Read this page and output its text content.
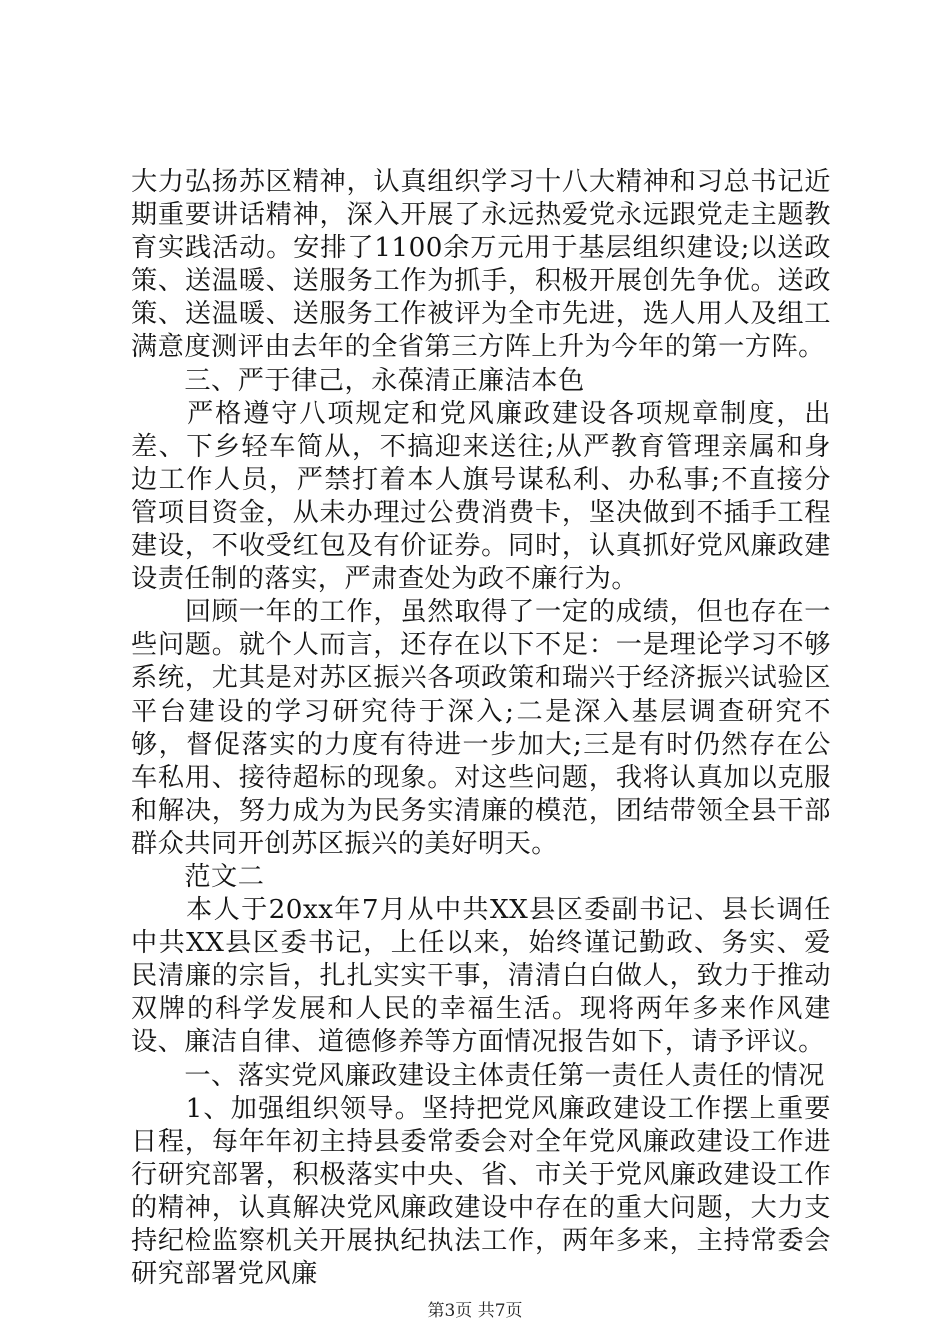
大力弘扬苏区精神，认真组织学习十八大精神和习总书记近期重要讲话精神，深入开展了永远热爱党永远跟党走主题教育实践活动。安排了1100余万元用于基层组织建设;以送政策、送温暖、送服务工作为抓手，积极开展创先争优。送政策、送温暖、送服务工作被评为全市先进，选人用人及组工满意度测评由去年的全省第三方阵上升为今年的第一方阵。

　　三、严于律己，永葆清正廉洁本色

　　严格遵守八项规定和党风廉政建设各项规章制度，出差、下乡轻车简从，不搞迎来送往;从严教育管理亲属和身边工作人员，严禁打着本人旗号谋私利、办私事;不直接分管项目资金，从未办理过公费消费卡，坚决做到不插手工程建设，不收受红包及有价证券。同时，认真抓好党风廉政建设责任制的落实，严肃查处为政不廉行为。

　　回顾一年的工作，虽然取得了一定的成绩，但也存在一些问题。就个人而言，还存在以下不足：一是理论学习不够系统，尤其是对苏区振兴各项政策和瑞兴于经济振兴试验区平台建设的学习研究待于深入;二是深入基层调查研究不够，督促落实的力度有待进一步加大;三是有时仍然存在公车私用、接待超标的现象。对这些问题，我将认真加以克服和解决，努力成为为民务实清廉的模范，团结带领全县干部群众共同开创苏区振兴的美好明天。

　　范文二

　　本人于20xx年7月从中共XX县区委副书记、县长调任中共XX县区委书记，上任以来，始终谨记勤政、务实、爱民清廉的宗旨，扎扎实实干事，清清白白做人，致力于推动双牌的科学发展和人民的幸福生活。现将两年多来作风建设、廉洁自律、道德修养等方面情况报告如下，请予评议。

　　一、落实党风廉政建设主体责任第一责任人责任的情况

　　1、加强组织领导。坚持把党风廉政建设工作摆上重要日程，每年年初主持县委常委会对全年党风廉政建设工作进行研究部署，积极落实中央、省、市关于党风廉政建设工作的精神，认真解决党风廉政建设中存在的重大问题，大力支持纪检监察机关开展执纪执法工作，两年多来，主持常委会研究部署党风廉

第3页 共7页
